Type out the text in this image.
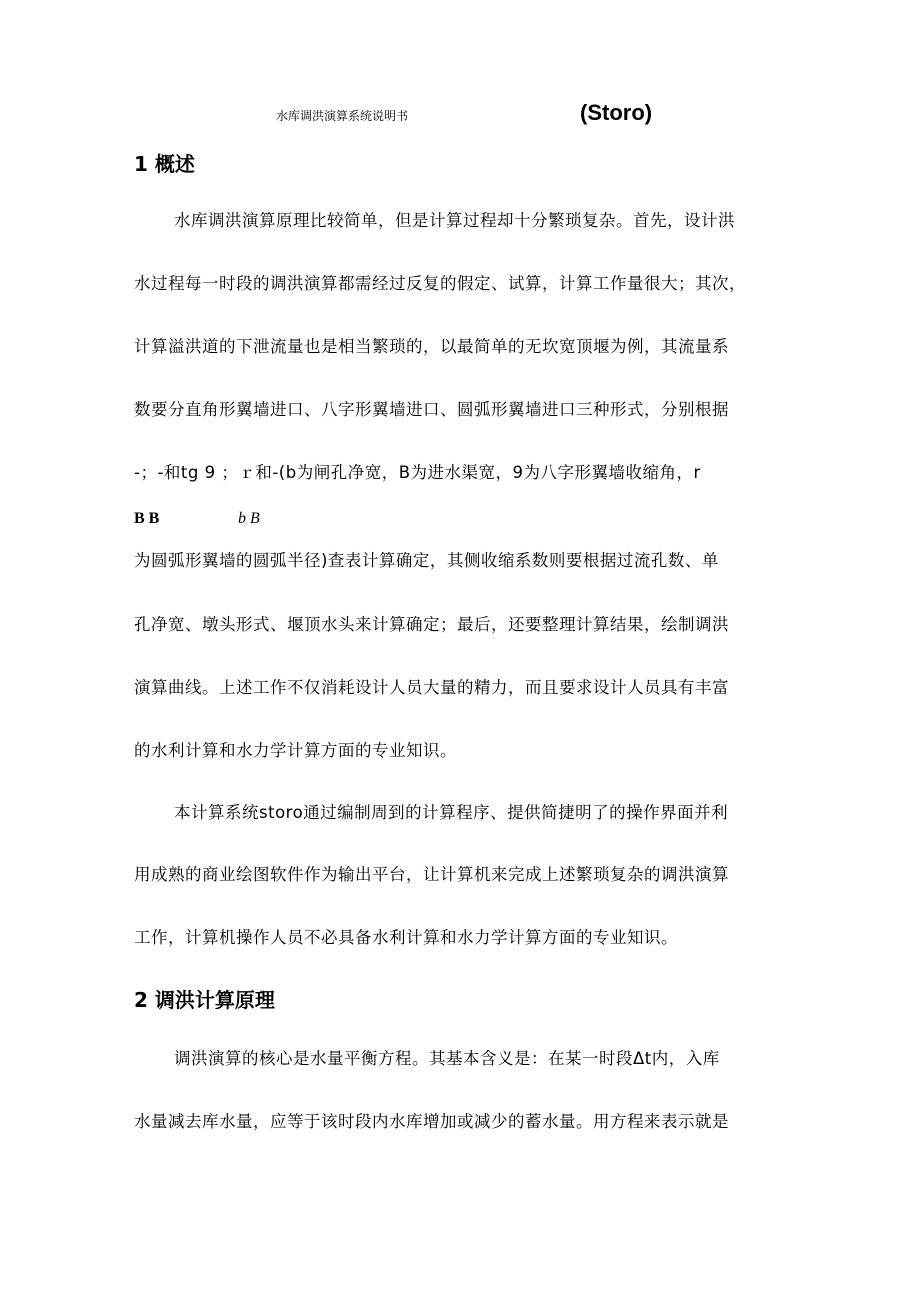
水库调洪演算系统说明书	(Storo)
1 概述
水库调洪演算原理比较简单，但是计算过程却十分繁琐复杂。首先，设计洪
水过程每一时段的调洪演算都需经过反复的假定、试算，计算工作量很大；其次，
计算溢洪道的下泄流量也是相当繁琐的，以最简单的无坎宽顶堰为例，其流量系
数要分直角形翼墙进口、八字形翼墙进口、圆弧形翼墙进口三种形式，分别根据
-；-和tg 9 ；ｒ和-(b为闸孔净宽，B为进水渠宽，9为八字形翼墙收缩角，r
B B	b B
为圆弧形翼墙的圆弧半径)查表计算确定，其侧收缩系数则要根据过流孔数、单
孔净宽、墩头形式、堰顶水头来计算确定；最后，还要整理计算结果，绘制调洪
演算曲线。上述工作不仅消耗设计人员大量的精力，而且要求设计人员具有丰富
的水利计算和水力学计算方面的专业知识。
本计算系统storo通过编制周到的计算程序、提供简捷明了的操作界面并利
用成熟的商业绘图软件作为输出平台，让计算机来完成上述繁琐复杂的调洪演算
工作，计算机操作人员不必具备水利计算和水力学计算方面的专业知识。
2 调洪计算原理
调洪演算的核心是水量平衡方程。其基本含义是：在某一时段Δt内，入库
水量减去库水量，应等于该时段内水库增加或减少的蓄水量。用方程来表示就是
